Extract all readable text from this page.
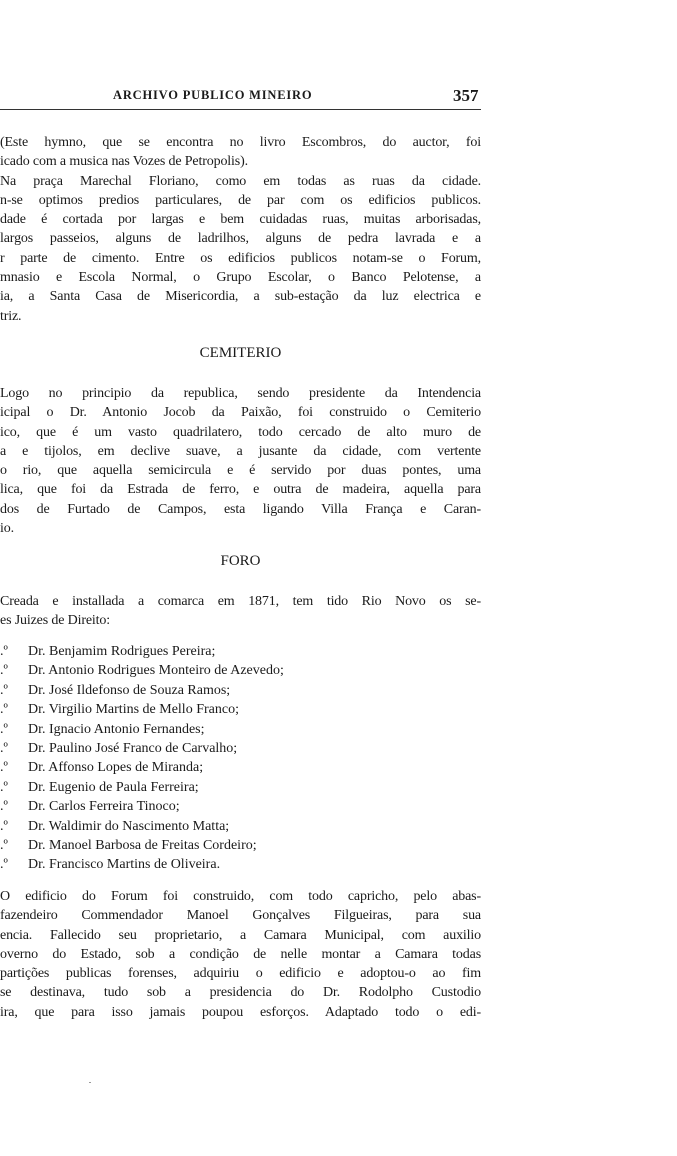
ARCHIVO PUBLICO MINEIRO	357
(Este hymno, que se encontra no livro Escombros, do auctor, foi
icado com a musica nas Vozes de Petropolis).
Na praça Marechal Floriano, como em todas as ruas da cidade.
n-se optimos predios particulares, de par com os edificios publicos.
dade é cortada por largas e bem cuidadas ruas, muitas arborisadas,
largos passeios, alguns de ladrilhos, alguns de pedra lavrada e a
r parte de cimento. Entre os edificios publicos notam-se o Forum,
mnasio e Escola Normal, o Grupo Escolar, o Banco Pelotense, a
ia, a Santa Casa de Misericordia, a sub-estação da luz electrica e
triz.
CEMITERIO
Logo no principio da republica, sendo presidente da Intendencia
icipal o Dr. Antonio Jocob da Paixão, foi construido o Cemiterio
ico, que é um vasto quadrilatero, todo cercado de alto muro de
a e tijolos, em declive suave, a jusante da cidade, com vertente
o rio, que aquella semicircula e é servido por duas pontes, uma
lica, que foi da Estrada de ferro, e outra de madeira, aquella para
dos de Furtado de Campos, esta ligando Villa França e Caran-
io.
FORO
Creada e installada a comarca em 1871, tem tido Rio Novo os se-
es Juizes de Direito:
.º Dr. Benjamim Rodrigues Pereira;
.º Dr. Antonio Rodrigues Monteiro de Azevedo;
.º Dr. José Ildefonso de Souza Ramos;
.º Dr. Virgilio Martins de Mello Franco;
.º Dr. Ignacio Antonio Fernandes;
.º Dr. Paulino José Franco de Carvalho;
.º Dr. Affonso Lopes de Miranda;
.º Dr. Eugenio de Paula Ferreira;
.º Dr. Carlos Ferreira Tinoco;
.º Dr. Waldimir do Nascimento Matta;
.º Dr. Manoel Barbosa de Freitas Cordeiro;
.º Dr. Francisco Martins de Oliveira.
O edificio do Forum foi construido, com todo capricho, pelo abas-
fazendeiro Commendador Manoel Gonçalves Filgueiras, para sua
encia. Fallecido seu proprietario, a Camara Municipal, com auxilio
overno do Estado, sob a condição de nelle montar a Camara todas
partições publicas forenses, adquiriu o edificio e adoptou-o ao fim
se destinava, tudo sob a presidencia do Dr. Rodolpho Custodio
ira, que para isso jamais poupou esforços. Adaptado todo o edi-
